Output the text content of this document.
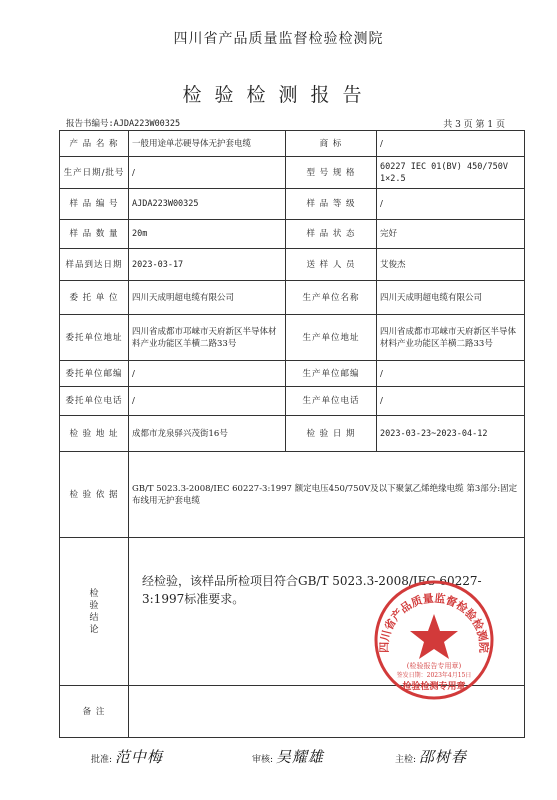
四川省产品质量监督检验检测院
检验检测报告
报告书编号:AJDA223W00325	共 3 页 第 1 页
产 品 名 称	一般用途单芯硬导体无护套电缆	商 标	/
生产日期/批号	/	型 号 规 格	60227 IEC 01(BV) 450/750V 1×2.5
样 品 编 号	AJDA223W00325	样 品 等 级	/
样 品 数 量	20m	样 品 状 态	完好
样品到达日期	2023-03-17	送 样 人 员	艾俊杰
委 托 单 位	四川天成明超电缆有限公司	生产单位名称	四川天成明超电缆有限公司
委托单位地址	四川省成都市邛崃市天府新区半导体材料产业功能区羊横二路33号	生产单位地址	四川省成都市邛崃市天府新区半导体材料产业功能区羊横二路33号
委托单位邮编	/	生产单位邮编	/
委托单位电话	/	生产单位电话	/
检 验 地 址	成都市龙泉驿兴茂街16号	检 验 日 期	2023-03-23~2023-04-12
检 验 依 据	GB/T 5023.3-2008/IEC 60227-3:1997 额定电压450/750V及以下聚氯乙烯绝缘电缆 第3部分:固定布线用无护套电缆		

检
验
结
论	经检验，该样品所检项目符合GB/T 5023.3-2008/IEC 60227-3:1997标准要求。		

备 注			
四川省产品质量监督检验检测院
(检验报告专用章)
签发日期：2023年4月15日
检验检测专用章
批准: 范中梅	审核: 吴耀雄	主检: 邵树春
